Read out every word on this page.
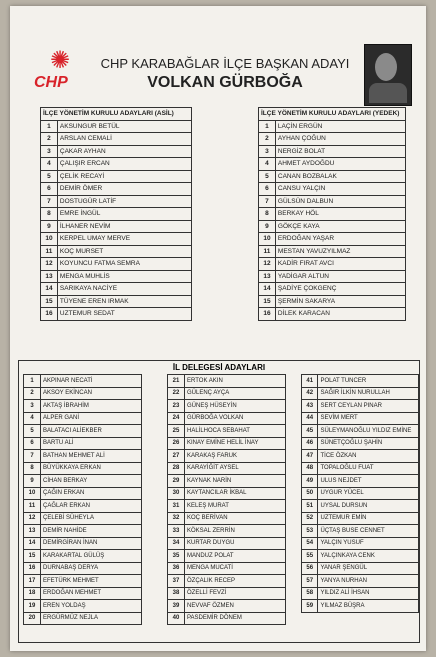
✺
CHP
CHP KARABAĞLAR İLÇE BAŞKAN ADAYI
VOLKAN GÜRBOĞA
İLÇE YÖNETİM KURULU ADAYLARI (ASİL)	
1	AKSUNGUR BETÜL
2	ARSLAN CEMALİ
3	ÇAKAR AYHAN
4	ÇALIŞIR ERCAN
5	ÇELİK RECAYİ
6	DEMİR ÖMER
7	DOSTUGÜR LATİF
8	EMRE İNGÜL
9	İLHANER NEVİM
10	KERPEL UMAY MERVE
11	KOÇ MURSET
12	KOYUNCU FATMA SEMRA
13	MENGA MUHLİS
14	SARIKAYA NACİYE
15	TÜYENE EREN IRMAK
16	UZTEMUR SEDAT
İLÇE YÖNETİM KURULU ADAYLARI (YEDEK)	
1	LAÇİN ERGÜN
2	AYHAN ÇOĞUN
3	NERGİZ BOLAT
4	AHMET AYDOĞDU
5	CANAN BOZBALAK
6	CANSU YALÇIN
7	GÜLSÜN DALBUN
8	BERKAY HÖL
9	GÖKÇE KAYA
10	ERDOĞAN YAŞAR
11	MESTAN YAVUZYILMAZ
12	KADİR FIRAT AVCI
13	YADİGAR ALTUN
14	ŞADİYE ÇOKGENÇ
15	ŞERMİN SAKARYA
16	DİLEK KARACAN
İL DELEGESİ ADAYLARI
1	AKPINAR NECATİ
2	AKSOY EKİNCAN
3	AKTAŞ İBRAHİM
4	ALPER GANİ
5	BALATACI ALİEKBER
6	BARTU ALİ
7	BATHAN MEHMET ALİ
8	BÜYÜKKAYA ERKAN
9	CİHAN BERKAY
10	ÇAĞIN ERKAN
11	ÇAĞLAR ERKAN
12	ÇELEBİ SÜHEYLA
13	DEMİR NAHİDE
14	DEMİRGİRAN İNAN
15	KARAKARTAL GÜLÜŞ
16	DURNABAŞ DERYA
17	EFETÜRK MEHMET
18	ERDOĞAN MEHMET
19	EREN YOLDAŞ
20	ERGÜRMÜZ NEJLA
21	ERTOK AKIN
22	GÜLENÇ AYÇA
23	GÜNEŞ HÜSEYİN
24	GÜRBOĞA VOLKAN
25	HALİLHOCA SEBAHAT
26	KINAY EMİNE HELİL İNAY
27	KARAKAŞ FARUK
28	KARAYİĞİT AYSEL
29	KAYNAK NARİN
30	KAYTANCILAR İKBAL
31	KELEŞ MURAT
32	KOÇ BERİVAN
33	KÖKSAL ZERRİN
34	KURTAR DUYGU
35	MANDUZ POLAT
36	MENGA MUCATİ
37	ÖZÇALIK RECEP
38	ÖZELLİ FEVZİ
39	NEVVAF ÖZMEN
40	PASDEMİR DÖNEM
41	POLAT TUNCER
42	SAĞIR İLKİN NURULLAH
43	SERT CEYLAN PINAR
44	SEVİM MERT
45	SÜLEYMANOĞLU YILDIZ EMİNE
46	SÜNETÇOĞLU ŞAHİN
47	TİCE ÖZKAN
48	TOPALOĞLU FUAT
49	ULUS NEJDET
50	UYGUR YÜCEL
51	UYSAL DURSUN
52	UZTEMUR EMİN
53	ÜÇTAŞ BUSE CENNET
54	YALÇIN YUSUF
55	YALÇINKAYA CENK
56	YANAR ŞENGÜL
57	YANYA NURHAN
58	YILDIZ ALİ İHSAN
59	YILMAZ BÜŞRA
